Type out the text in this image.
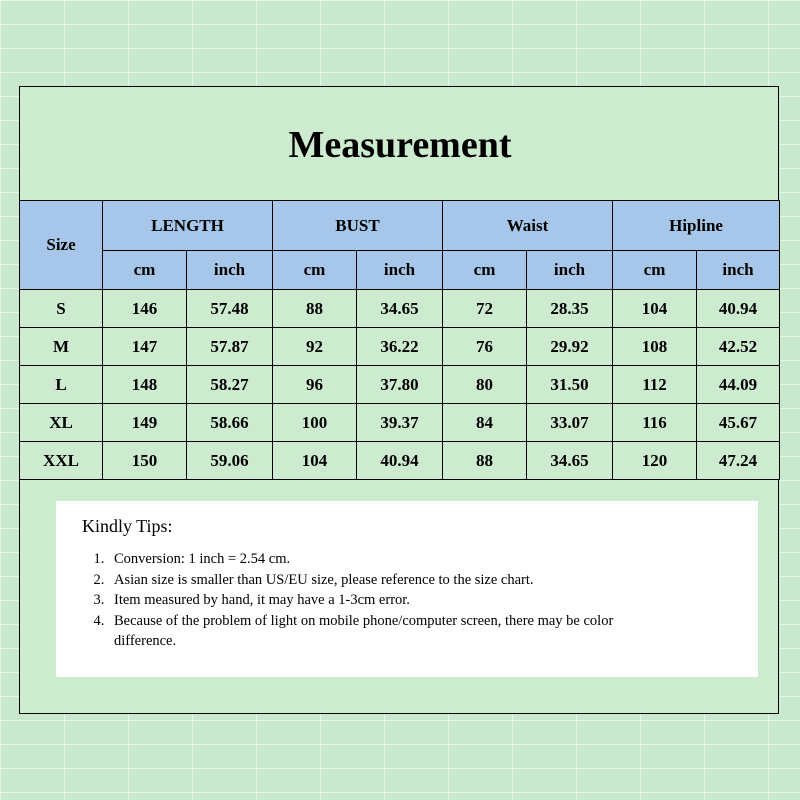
Measurement
Size	LENGTH		BUST		Waist		Hipline	
	cm	inch	cm	inch	cm	inch	cm	inch
S	146	57.48	88	34.65	72	28.35	104	40.94
M	147	57.87	92	36.22	76	29.92	108	42.52
L	148	58.27	96	37.80	80	31.50	112	44.09
XL	149	58.66	100	39.37	84	33.07	116	45.67
XXL	150	59.06	104	40.94	88	34.65	120	47.24
Kindly Tips:
1. Conversion: 1 inch = 2.54 cm.
2. Asian size is smaller than US/EU size, please reference to the size chart.
3. Item measured by hand, it may have a 1-3cm error.
4. Because of the problem of light on mobile phone/computer screen, there may be color difference.
